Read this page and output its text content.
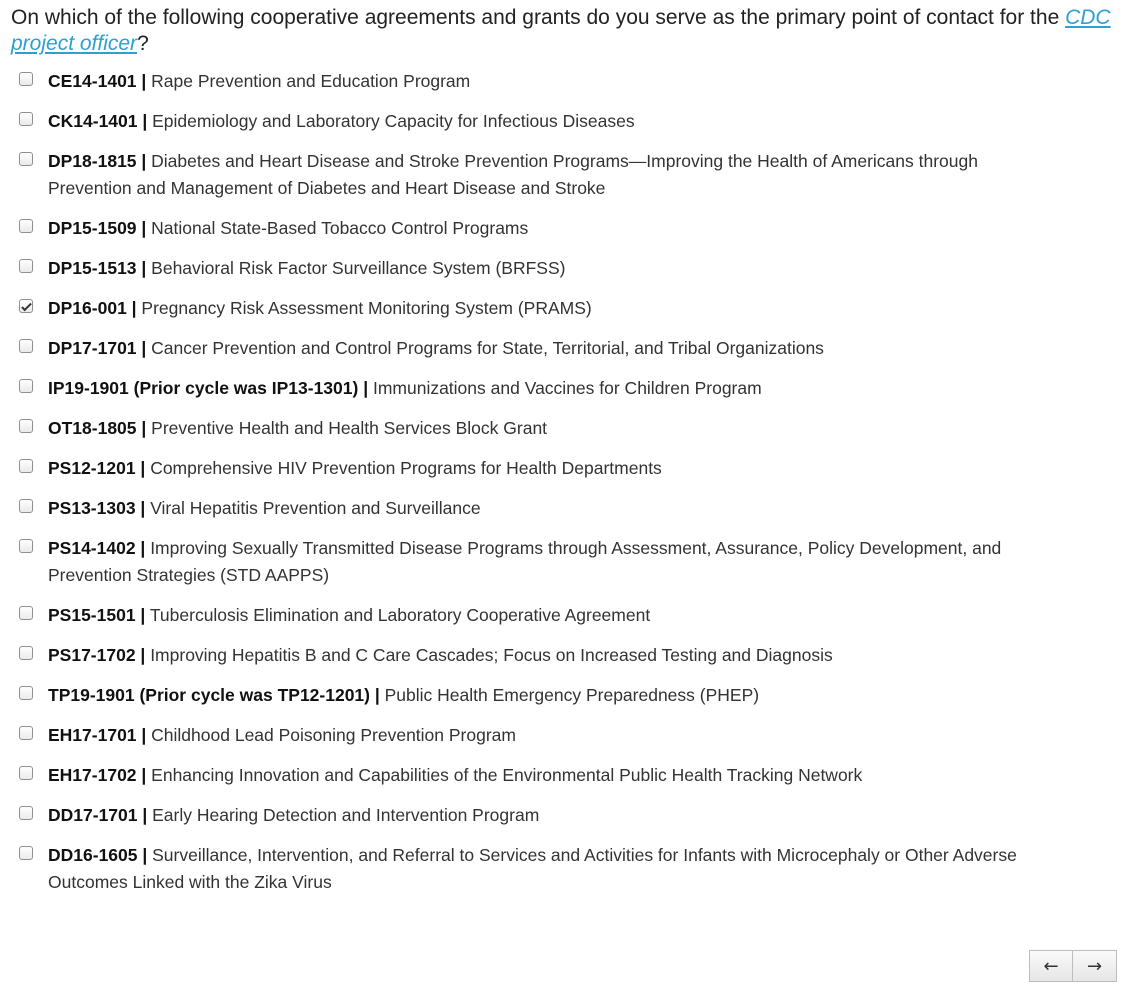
On which of the following cooperative agreements and grants do you serve as the primary point of contact for the CDC project officer?
CE14-1401 | Rape Prevention and Education Program
CK14-1401 | Epidemiology and Laboratory Capacity for Infectious Diseases
DP18-1815 | Diabetes and Heart Disease and Stroke Prevention Programs—Improving the Health of Americans through Prevention and Management of Diabetes and Heart Disease and Stroke
DP15-1509 | National State-Based Tobacco Control Programs
DP15-1513 | Behavioral Risk Factor Surveillance System (BRFSS)
DP16-001 | Pregnancy Risk Assessment Monitoring System (PRAMS)
DP17-1701 | Cancer Prevention and Control Programs for State, Territorial, and Tribal Organizations
IP19-1901 (Prior cycle was IP13-1301) | Immunizations and Vaccines for Children Program
OT18-1805 | Preventive Health and Health Services Block Grant
PS12-1201 | Comprehensive HIV Prevention Programs for Health Departments
PS13-1303 | Viral Hepatitis Prevention and Surveillance
PS14-1402 | Improving Sexually Transmitted Disease Programs through Assessment, Assurance, Policy Development, and Prevention Strategies (STD AAPPS)
PS15-1501 | Tuberculosis Elimination and Laboratory Cooperative Agreement
PS17-1702 | Improving Hepatitis B and C Care Cascades; Focus on Increased Testing and Diagnosis
TP19-1901 (Prior cycle was TP12-1201) | Public Health Emergency Preparedness (PHEP)
EH17-1701 | Childhood Lead Poisoning Prevention Program
EH17-1702 | Enhancing Innovation and Capabilities of the Environmental Public Health Tracking Network
DD17-1701 | Early Hearing Detection and Intervention Program
DD16-1605 | Surveillance, Intervention, and Referral to Services and Activities for Infants with Microcephaly or Other Adverse Outcomes Linked with the Zika Virus
←	→
